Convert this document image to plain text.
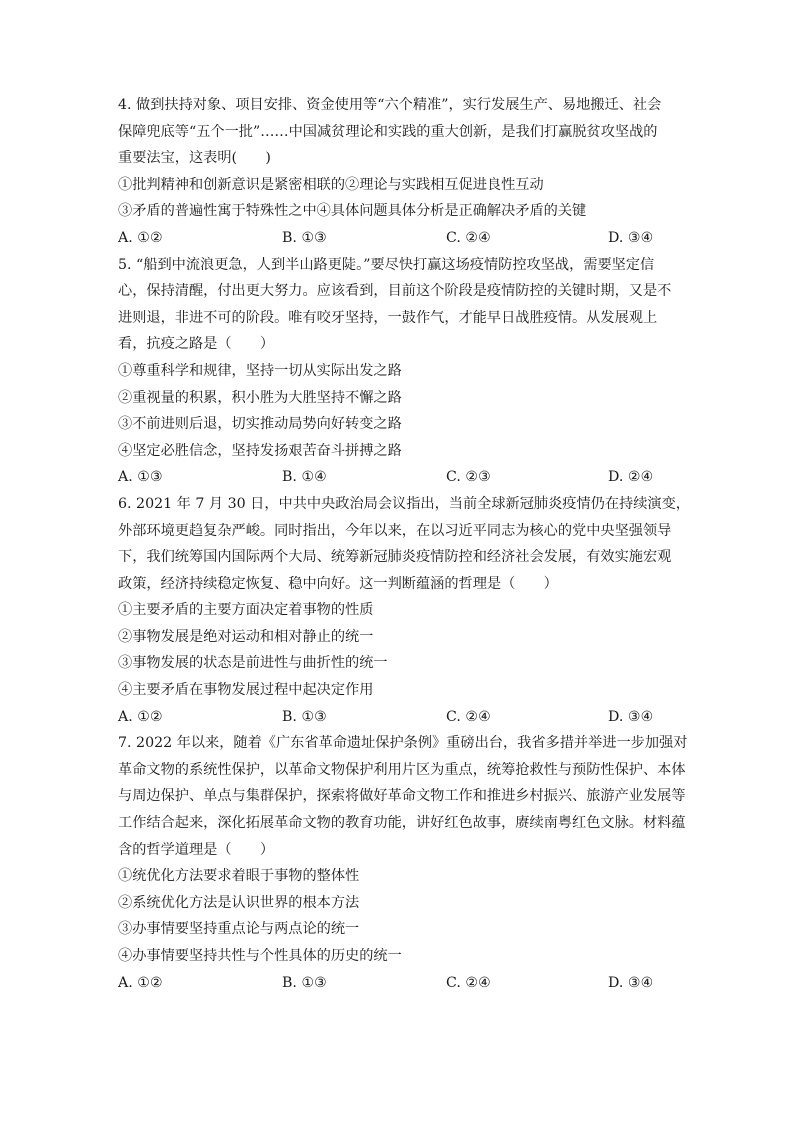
4. 做到扶持对象、项目安排、资金使用等“六个精准”，实行发展生产、易地搬迁、社会
保障兜底等“五个一批”……中国减贫理论和实践的重大创新，是我们打赢脱贫攻坚战的
重要法宝，这表明(　　)
①批判精神和创新意识是紧密相联的②理论与实践相互促进良性互动
③矛盾的普遍性寓于特殊性之中④具体问题具体分析是正确解决矛盾的关键
A. ①②	B. ①③	C. ②④	D. ③④
5. “船到中流浪更急，人到半山路更陡。”要尽快打赢这场疫情防控攻坚战，需要坚定信
心，保持清醒，付出更大努力。应该看到，目前这个阶段是疫情防控的关键时期，又是不
进则退，非进不可的阶段。唯有咬牙坚持，一鼓作气，才能早日战胜疫情。从发展观上
看，抗疫之路是（　　）
①尊重科学和规律，坚持一切从实际出发之路
②重视量的积累，积小胜为大胜坚持不懈之路
③不前进则后退，切实推动局势向好转变之路
④坚定必胜信念，坚持发扬艰苦奋斗拼搏之路
A. ①③	B. ①④	C. ②③	D. ②④
6. 2021 年 7 月 30 日，中共中央政治局会议指出，当前全球新冠肺炎疫情仍在持续演变，
外部环境更趋复杂严峻。同时指出，今年以来，在以习近平同志为核心的党中央坚强领导
下，我们统筹国内国际两个大局、统筹新冠肺炎疫情防控和经济社会发展，有效实施宏观
政策，经济持续稳定恢复、稳中向好。这一判断蕴涵的哲理是（　　）
①主要矛盾的主要方面决定着事物的性质
②事物发展是绝对运动和相对静止的统一
③事物发展的状态是前进性与曲折性的统一
④主要矛盾在事物发展过程中起决定作用
A. ①②	B. ①③	C. ②④	D. ③④
7. 2022 年以来，随着《广东省革命遗址保护条例》重磅出台，我省多措并举进一步加强对
革命文物的系统性保护，以革命文物保护利用片区为重点，统筹抢救性与预防性保护、本体
与周边保护、单点与集群保护，探索将做好革命文物工作和推进乡村振兴、旅游产业发展等
工作结合起来，深化拓展革命文物的教育功能，讲好红色故事，赓续南粤红色文脉。材料蕴
含的哲学道理是（　　）
①统优化方法要求着眼于事物的整体性
②系统优化方法是认识世界的根本方法
③办事情要坚持重点论与两点论的统一
④办事情要坚持共性与个性具体的历史的统一
A. ①②	B. ①③	C. ②④	D. ③④
